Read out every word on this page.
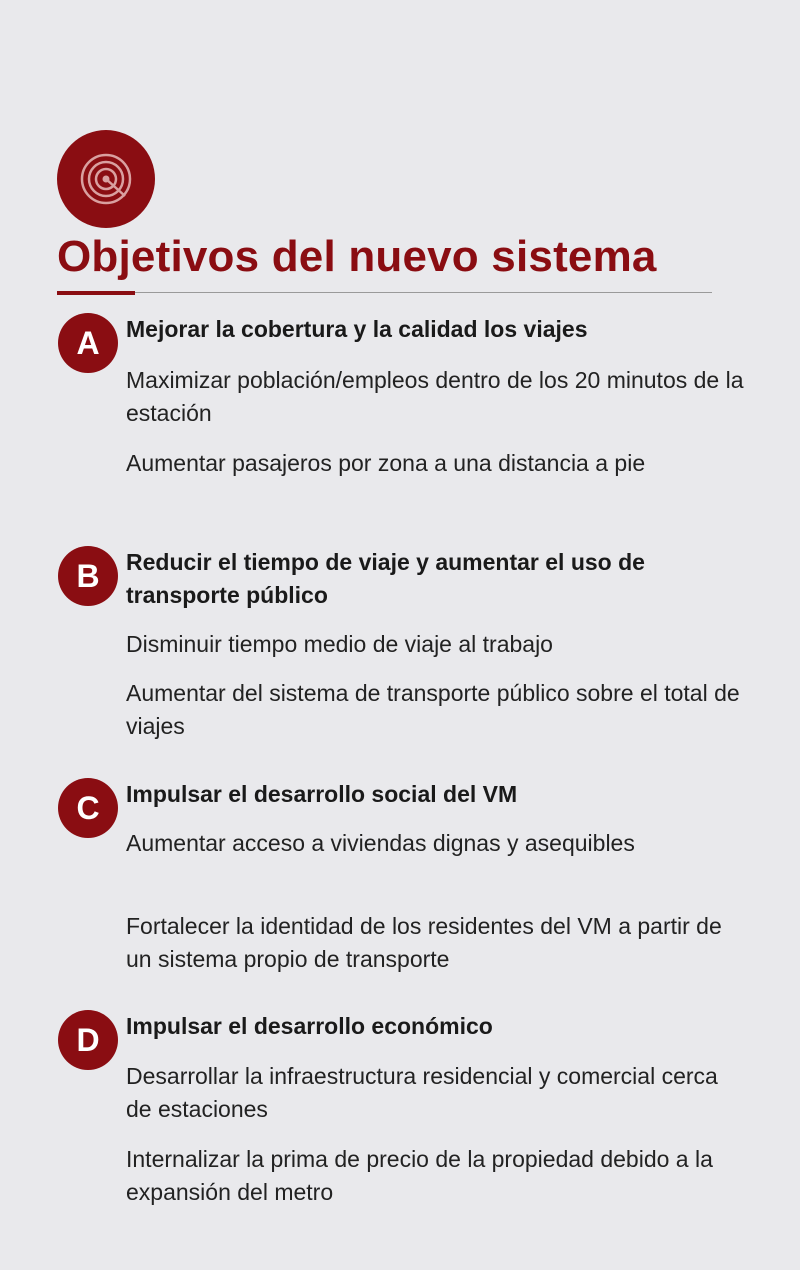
Objetivos del nuevo sistema
A	Mejorar la cobertura y la calidad los viajes
Maximizar población/empleos dentro de los 20 minutos de la estación
Aumentar pasajeros por zona a una distancia a pie
B	Reducir el tiempo de viaje y aumentar el uso de transporte público
Disminuir tiempo medio de viaje al trabajo
Aumentar del sistema de transporte público sobre el total de viajes
C	Impulsar el desarrollo social del VM
Aumentar acceso a viviendas dignas y asequibles
Fortalecer la identidad de los residentes del VM a partir de un sistema propio de transporte
D	Impulsar el desarrollo económico
Desarrollar la infraestructura residencial y comercial cerca de estaciones
Internalizar la prima de precio de la propiedad debido a la expansión del metro
